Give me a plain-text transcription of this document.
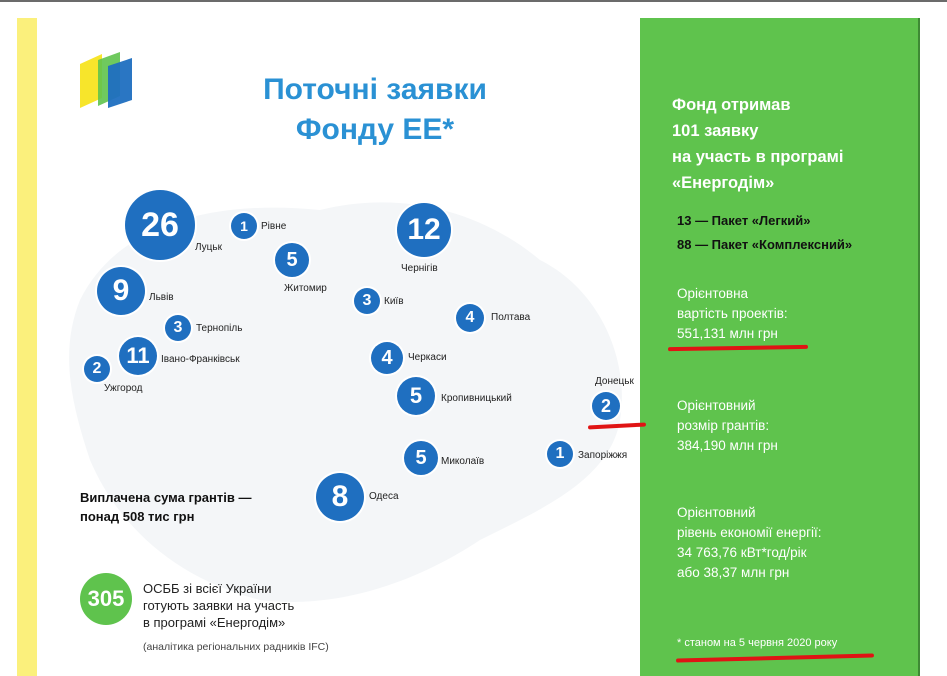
Поточні заявки
Фонду ЕЕ*
26
Луцьк
1	Рівне
5
Житомир
12
Чернігів
9	Львів	3	Київ
4	Полтава
3	Тернопіль
11	Івано-Франківськ
2
Ужгород
4	Черкаси
2
Донецьк
5	Кропивницький
1	Запоріжжя
5	Миколаїв
8	Одеса
Виплачена сума грантів —
понад 508 тис грн
305	ОСББ зі всієї України
готують заявки на участь
в програмі «Енергодім»
(аналітика регіональних радників IFC)
Фонд отримав
101 заявку
на участь в програмі
«Енергодім»
13 — Пакет «Легкий»
88 — Пакет «Комплексний»
Орієнтовна
вартість проектів:
551,131 млн грн
Орієнтовний
розмір грантів:
384,190 млн грн
Орієнтовний
рівень економії енергії:
34 763,76 кВт*год/рік
або 38,37 млн грн
* станом на 5 червня 2020 року
